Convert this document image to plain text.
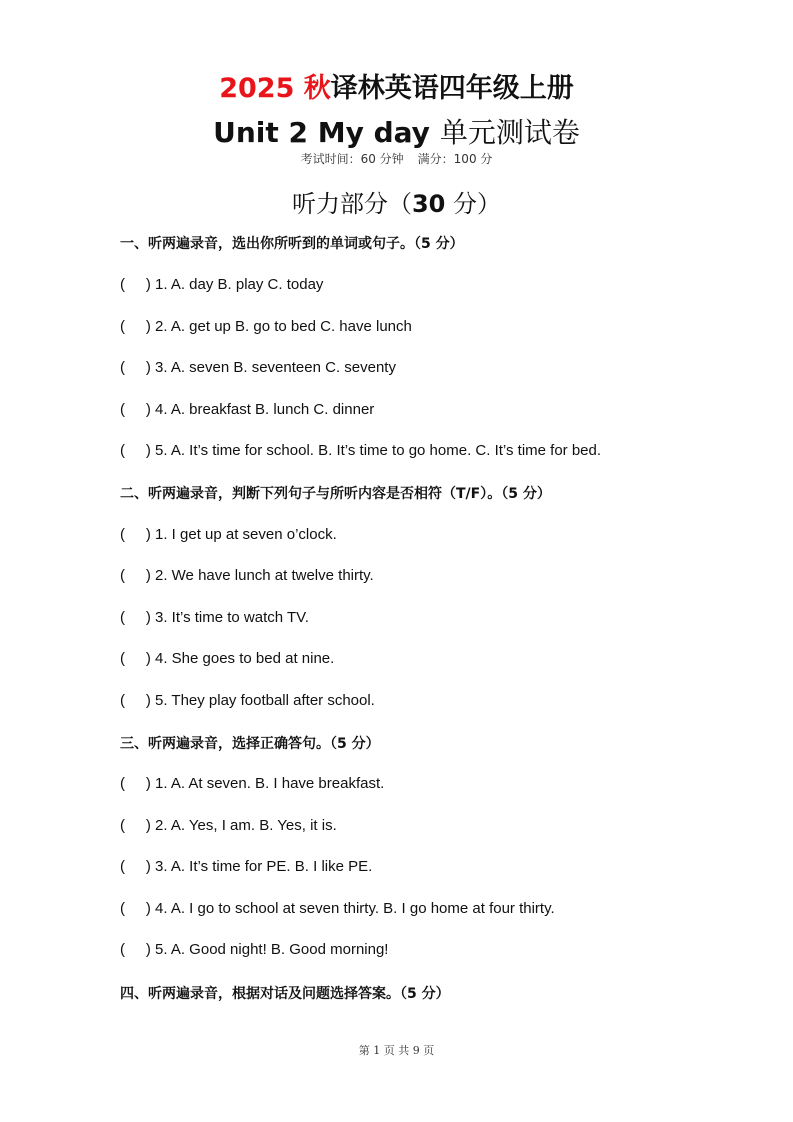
2025 秋译林英语四年级上册
Unit 2 My day 单元测试卷
考试时间：60 分钟 满分：100 分
听力部分（30 分）
一、听两遍录音，选出你所听到的单词或句子。（5 分）
(     ) 1. A. day B. play C. today
(     ) 2. A. get up B. go to bed C. have lunch
(     ) 3. A. seven B. seventeen C. seventy
(     ) 4. A. breakfast B. lunch C. dinner
(     ) 5. A. It’s time for school. B. It’s time to go home. C. It’s time for bed.
二、听两遍录音，判断下列句子与所听内容是否相符（T/F）。（5 分）
(     ) 1. I get up at seven o’clock.
(     ) 2. We have lunch at twelve thirty.
(     ) 3. It’s time to watch TV.
(     ) 4. She goes to bed at nine.
(     ) 5. They play football after school.
三、听两遍录音，选择正确答句。（5 分）
(     ) 1. A. At seven. B. I have breakfast.
(     ) 2. A. Yes, I am. B. Yes, it is.
(     ) 3. A. It’s time for PE. B. I like PE.
(     ) 4. A. I go to school at seven thirty. B. I go home at four thirty.
(     ) 5. A. Good night! B. Good morning!
四、听两遍录音，根据对话及问题选择答案。（5 分）
第 1 页 共 9 页
